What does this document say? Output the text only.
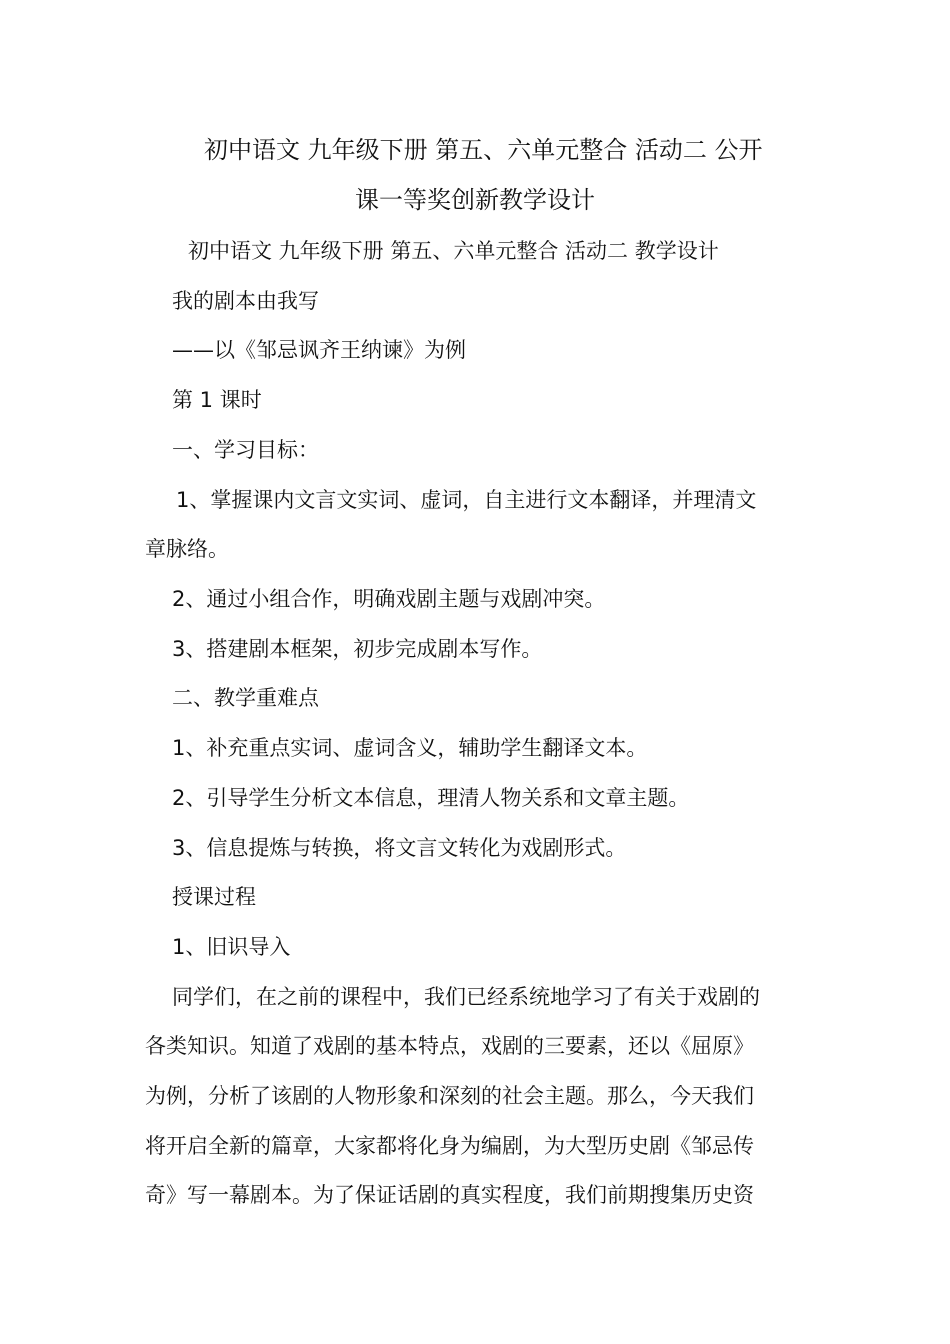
初中语文 九年级下册 第五、六单元整合 活动二 公开
课一等奖创新教学设计
初中语文 九年级下册 第五、六单元整合 活动二 教学设计
我的剧本由我写
——以《邹忌讽齐王纳谏》为例
第 1 课时
一、学习目标：
1、掌握课内文言文实词、虚词，自主进行文本翻译，并理清文
章脉络。
2、通过小组合作，明确戏剧主题与戏剧冲突。
3、搭建剧本框架，初步完成剧本写作。
二、教学重难点
1、补充重点实词、虚词含义，辅助学生翻译文本。
2、引导学生分析文本信息，理清人物关系和文章主题。
3、信息提炼与转换，将文言文转化为戏剧形式。
授课过程
1、旧识导入
同学们，在之前的课程中，我们已经系统地学习了有关于戏剧的
各类知识。知道了戏剧的基本特点，戏剧的三要素，还以《屈原》
为例，分析了该剧的人物形象和深刻的社会主题。那么，今天我们
将开启全新的篇章，大家都将化身为编剧，为大型历史剧《邹忌传
奇》写一幕剧本。为了保证话剧的真实程度，我们前期搜集历史资
